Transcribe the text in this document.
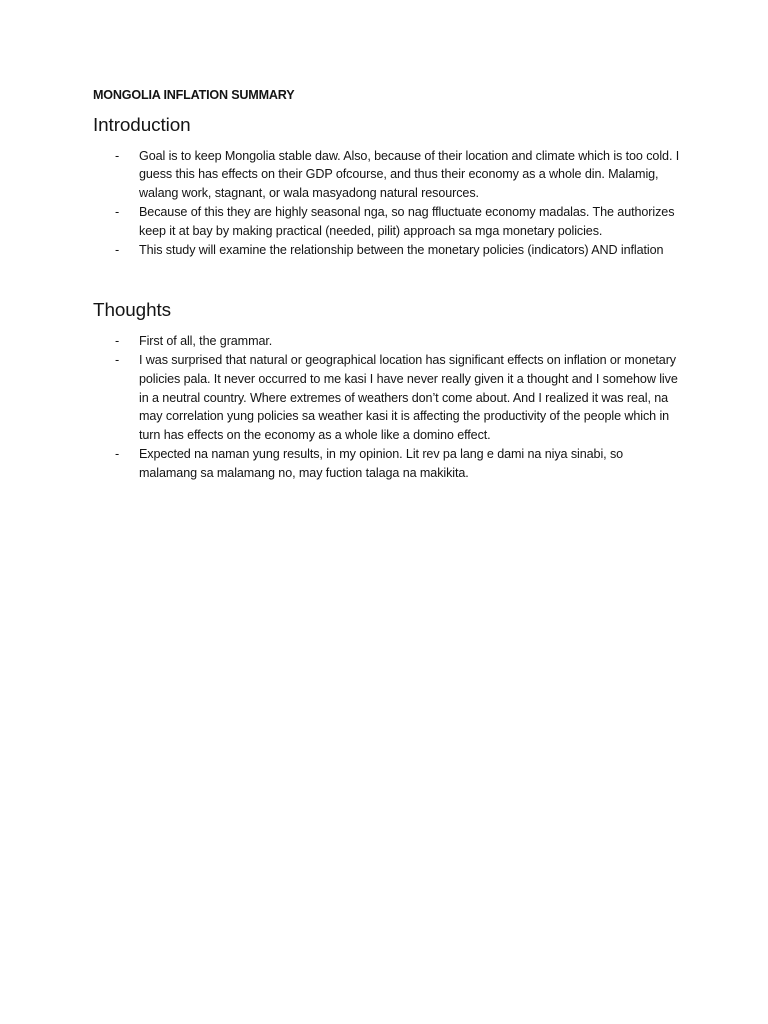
MONGOLIA INFLATION SUMMARY
Introduction
- Goal is to keep Mongolia stable daw. Also, because of their location and climate which is too cold. I guess this has effects on their GDP ofcourse, and thus their economy as a whole din. Malamig, walang work, stagnant, or wala masyadong natural resources.
- Because of this they are highly seasonal nga, so nag ffluctuate economy madalas. The authorizes keep it at bay by making practical (needed, pilit) approach sa mga monetary policies.
- This study will examine the relationship between the monetary policies (indicators) AND inflation
Thoughts
- First of all, the grammar.
- I was surprised that natural or geographical location has significant effects on inflation or monetary policies pala. It never occurred to me kasi I have never really given it a thought and I somehow live in a neutral country. Where extremes of weathers don’t come about. And I realized it was real, na may correlation yung policies sa weather kasi it is affecting the productivity of the people which in turn has effects on the economy as a whole like a domino effect.
- Expected na naman yung results, in my opinion. Lit rev pa lang e dami na niya sinabi, so malamang sa malamang no, may fuction talaga na makikita.
